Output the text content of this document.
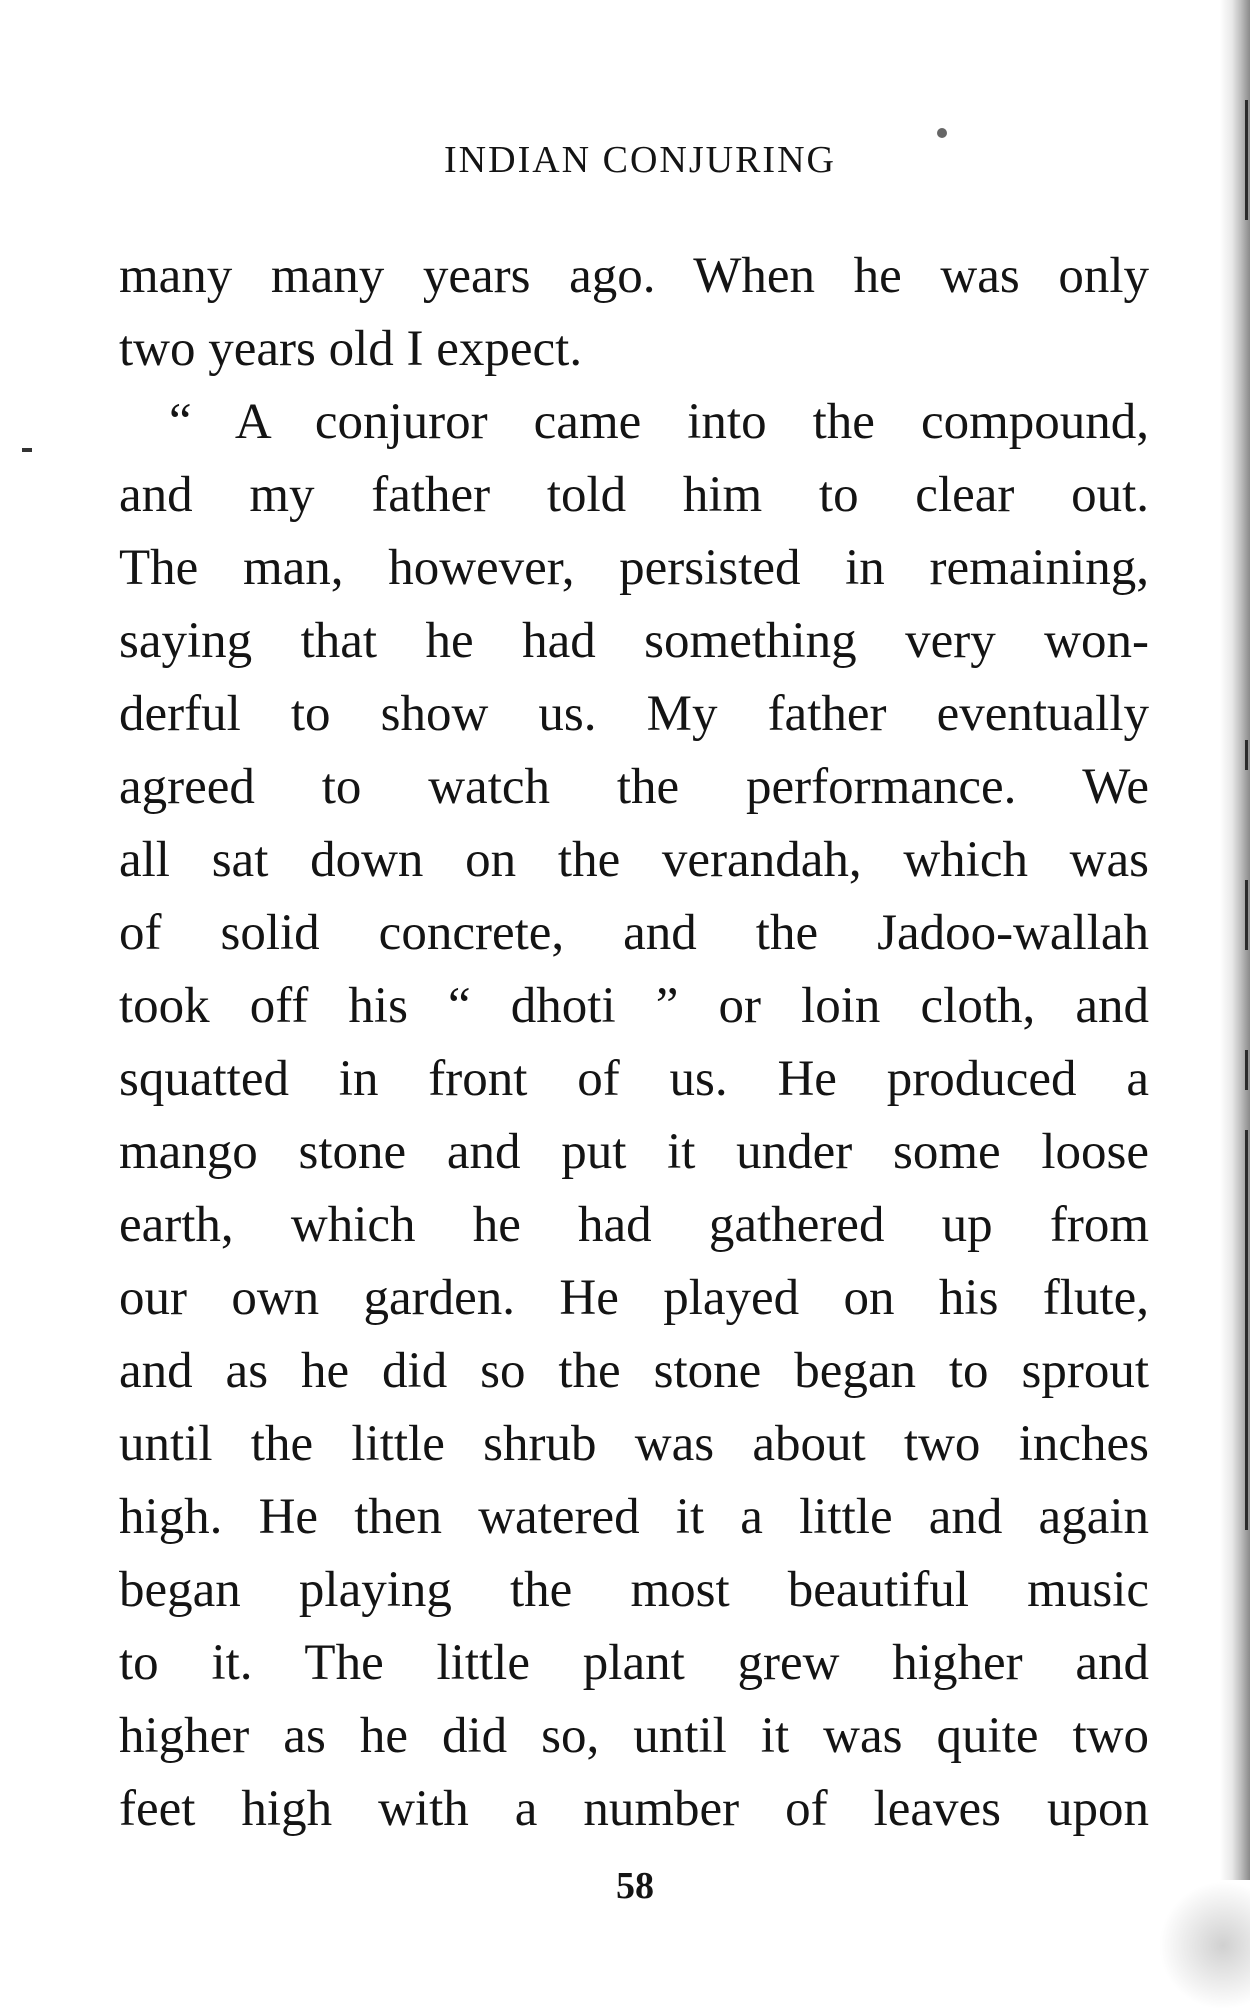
INDIAN CONJURING
many many years ago. When he was only
two years old I expect.
“ A conjuror came into the compound,
and my father told him to clear out.
The man, however, persisted in remaining,
saying that he had something very won-
derful to show us. My father eventually
agreed to watch the performance. We
all sat down on the verandah, which was
of solid concrete, and the Jadoo-wallah
took off his “ dhoti ” or loin cloth, and
squatted in front of us. He produced a
mango stone and put it under some loose
earth, which he had gathered up from
our own garden. He played on his flute,
and as he did so the stone began to sprout
until the little shrub was about two inches
high. He then watered it a little and again
began playing the most beautiful music
to it. The little plant grew higher and
higher as he did so, until it was quite two
feet high with a number of leaves upon
58
